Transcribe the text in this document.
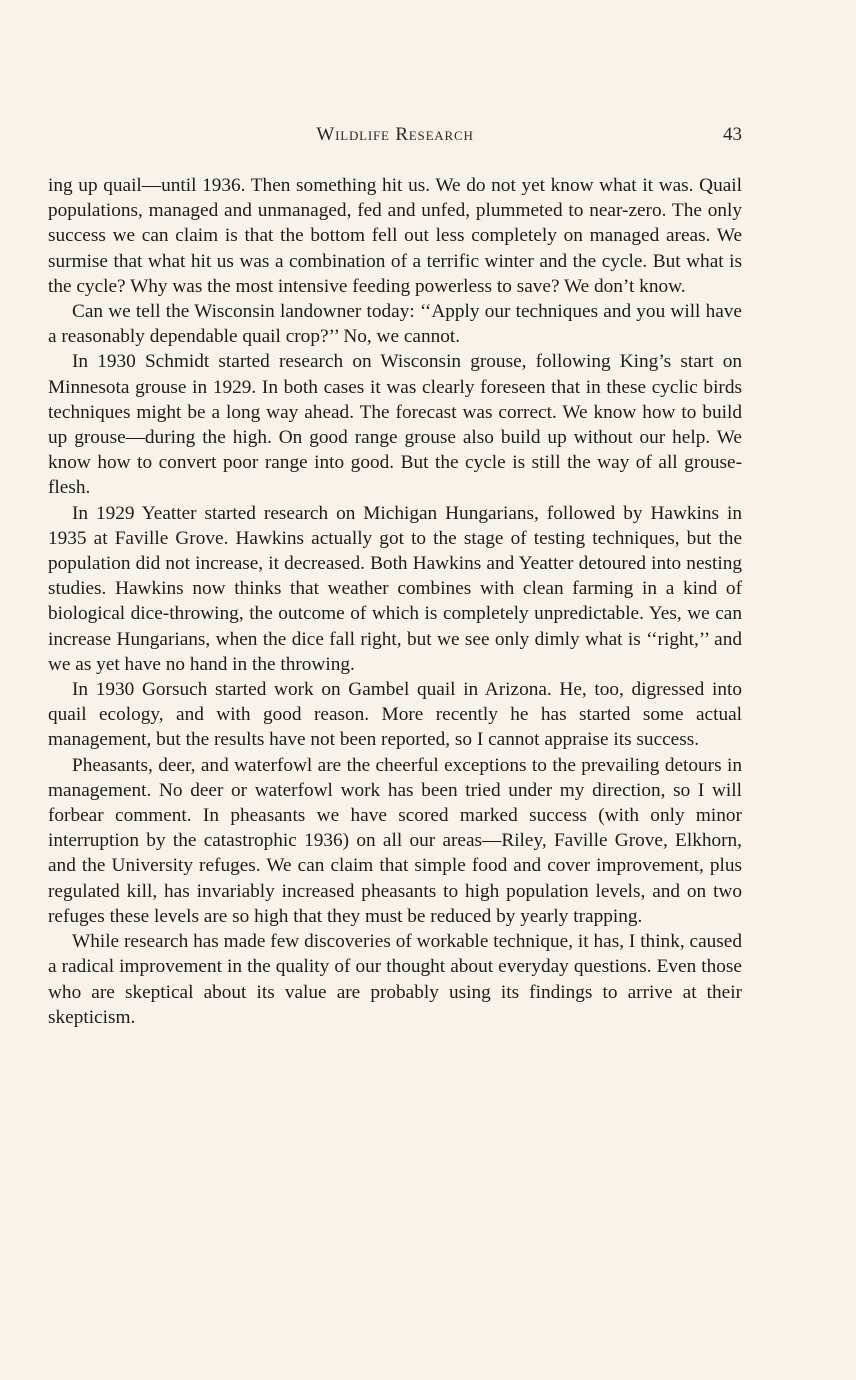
Wildlife Research	43

ing up quail—until 1936. Then something hit us. We do not yet know what it was. Quail populations, managed and unmanaged, fed and unfed, plummeted to near-zero. The only success we can claim is that the bottom fell out less completely on managed areas. We surmise that what hit us was a combination of a terrific winter and the cycle. But what is the cycle? Why was the most intensive feeding powerless to save? We don’t know.

Can we tell the Wisconsin landowner today: ‘‘Apply our techniques and you will have a reasonably dependable quail crop?’’ No, we cannot.

In 1930 Schmidt started research on Wisconsin grouse, following King’s start on Minnesota grouse in 1929. In both cases it was clearly foreseen that in these cyclic birds techniques might be a long way ahead. The forecast was correct. We know how to build up grouse—during the high. On good range grouse also build up without our help. We know how to convert poor range into good. But the cycle is still the way of all grouse-flesh.

In 1929 Yeatter started research on Michigan Hungarians, followed by Hawkins in 1935 at Faville Grove. Hawkins actually got to the stage of testing techniques, but the population did not increase, it decreased. Both Hawkins and Yeatter detoured into nesting studies. Hawkins now thinks that weather combines with clean farming in a kind of biological dice-throwing, the outcome of which is completely unpredictable. Yes, we can increase Hungarians, when the dice fall right, but we see only dimly what is ‘‘right,’’ and we as yet have no hand in the throwing.

In 1930 Gorsuch started work on Gambel quail in Arizona. He, too, digressed into quail ecology, and with good reason. More recently he has started some actual management, but the results have not been reported, so I cannot appraise its success.

Pheasants, deer, and waterfowl are the cheerful exceptions to the prevailing detours in management. No deer or waterfowl work has been tried under my direction, so I will forbear comment. In pheasants we have scored marked success (with only minor interruption by the catastrophic 1936) on all our areas—Riley, Faville Grove, Elkhorn, and the University refuges. We can claim that simple food and cover improvement, plus regulated kill, has invariably increased pheasants to high population levels, and on two refuges these levels are so high that they must be reduced by yearly trapping.

While research has made few discoveries of workable technique, it has, I think, caused a radical improvement in the quality of our thought about everyday questions. Even those who are skeptical about its value are probably using its findings to arrive at their skepticism.
